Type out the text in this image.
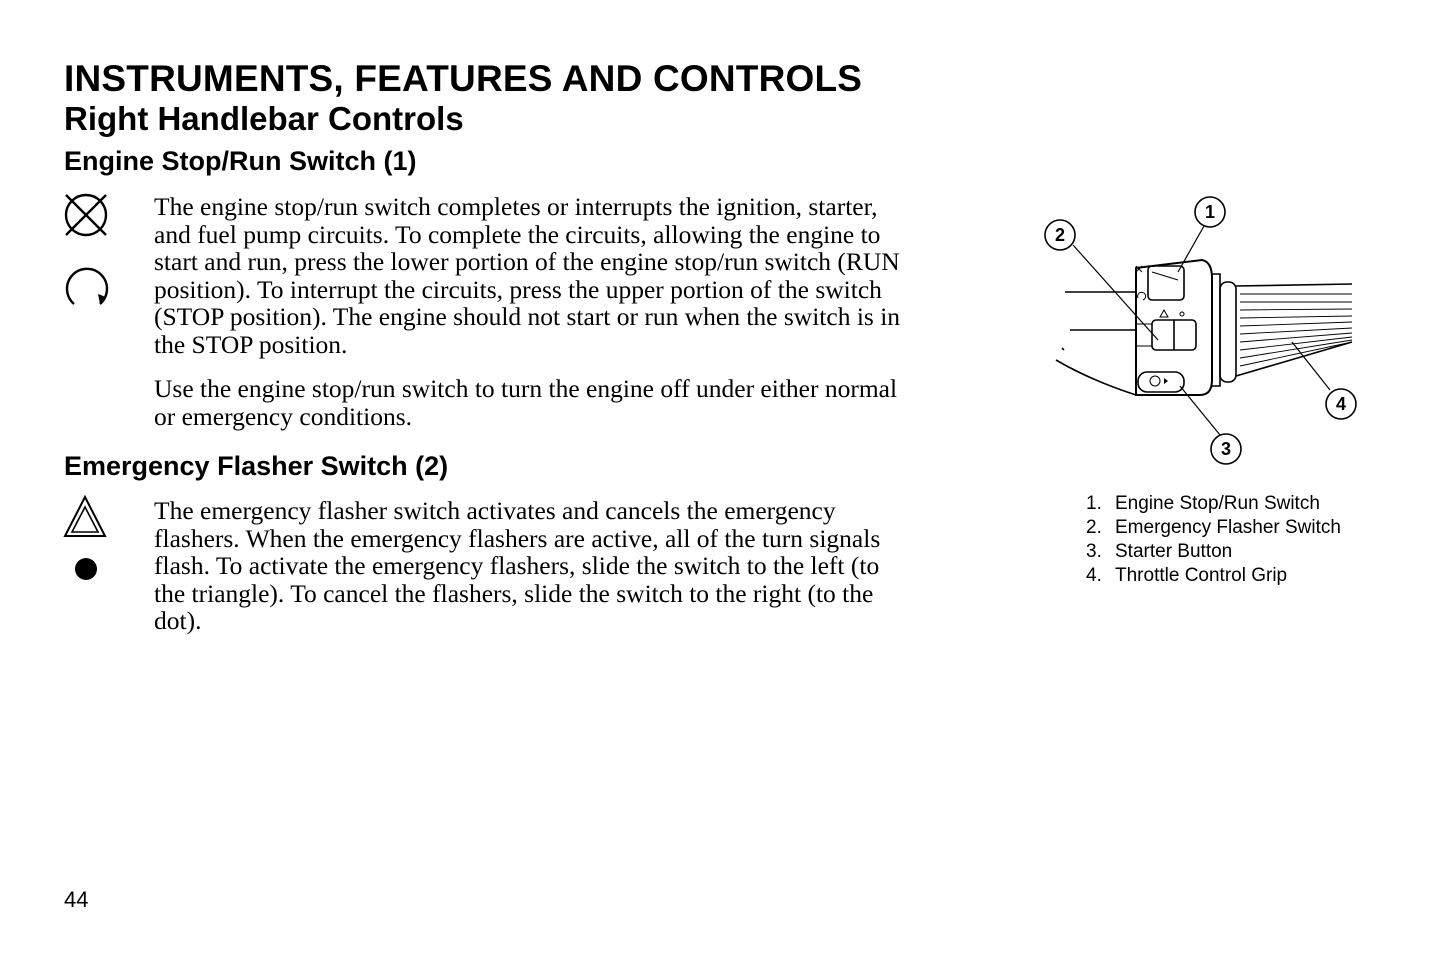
INSTRUMENTS, FEATURES AND CONTROLS
Right Handlebar Controls
Engine Stop/Run Switch (1)

The engine stop/run switch completes or interrupts the ignition, starter, and fuel pump circuits. To complete the circuits, allowing the engine to start and run, press the lower portion of the engine stop/run switch (RUN position). To interrupt the circuits, press the upper portion of the switch (STOP position). The engine should not start or run when the switch is in the STOP position.

Use the engine stop/run switch to turn the engine off under either normal or emergency conditions.

Emergency Flasher Switch (2)

The emergency flasher switch activates and cancels the emergency flashers. When the emergency flashers are active, all of the turn signals flash. To activate the emergency flashers, slide the switch to the left (to the triangle). To cancel the flashers, slide the switch to the right (to the dot).

1
2
3
4
1. Engine Stop/Run Switch
2. Emergency Flasher Switch
3. Starter Button
4. Throttle Control Grip
44
